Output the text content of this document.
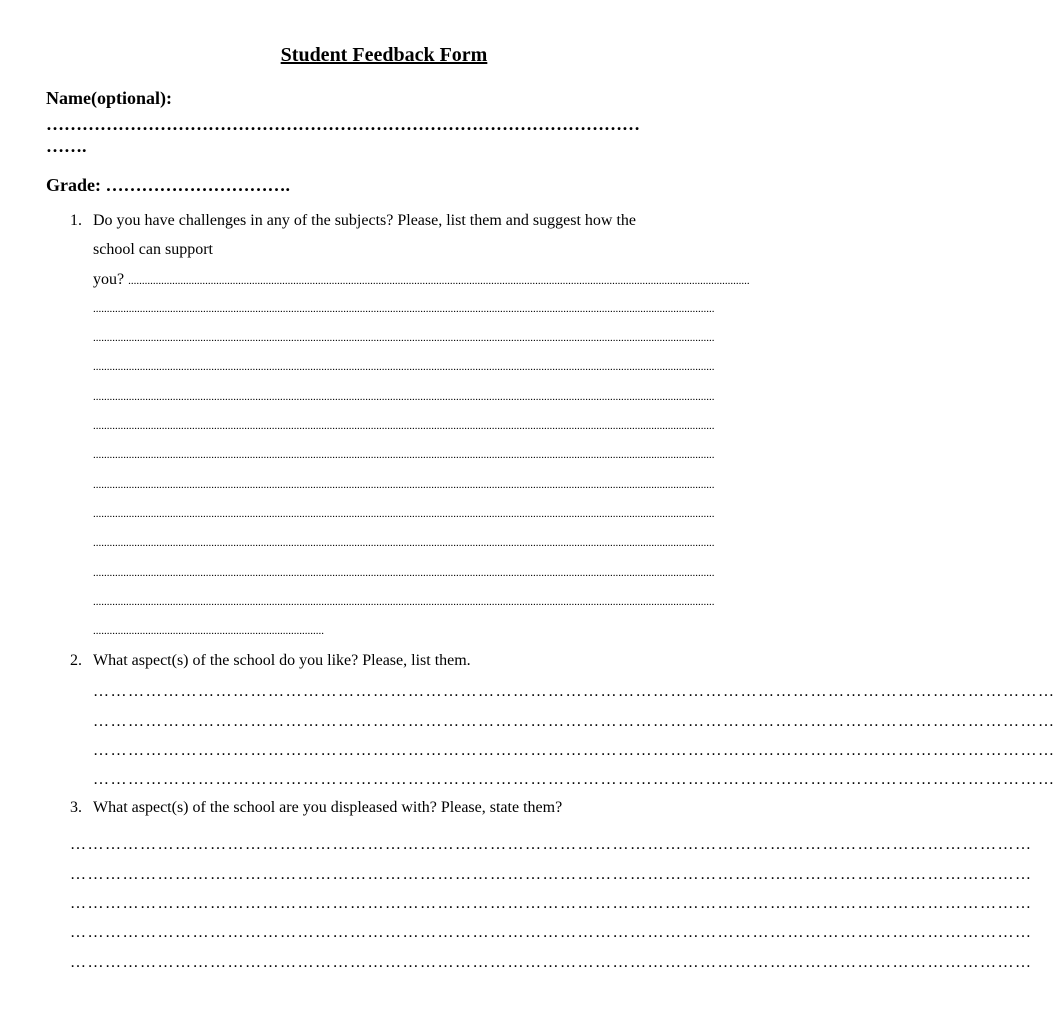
Student Feedback Form
Name(optional):
………………………………………………………………………………………
…….
Grade: ………………………….
1. Do you have challenges in any of the subjects? Please, list them and suggest how the
school can support
you? ..................................................................................................................................................................................................................................
..................................................................................................................................................................................................................................
..................................................................................................................................................................................................................................
..................................................................................................................................................................................................................................
..................................................................................................................................................................................................................................
..................................................................................................................................................................................................................................
..................................................................................................................................................................................................................................
..................................................................................................................................................................................................................................
..................................................................................................................................................................................................................................
..................................................................................................................................................................................................................................
..................................................................................................................................................................................................................................
..................................................................................................................................................................................................................................
....................................................................................
2. What aspect(s) of the school do you like? Please, list them.
…………………………………………………………………………………………………………………………………………………
…………………………………………………………………………………………………………………………………………………
…………………………………………………………………………………………………………………………………………………
…………………………………………………………………………………………………………………………………………………
3. What aspect(s) of the school are you displeased with? Please, state them?
…………………………………………………………………………………………………………………………………………………
…………………………………………………………………………………………………………………………………………………
…………………………………………………………………………………………………………………………………………………
…………………………………………………………………………………………………………………………………………………
…………………………………………………………………………………………………………………………………………………
